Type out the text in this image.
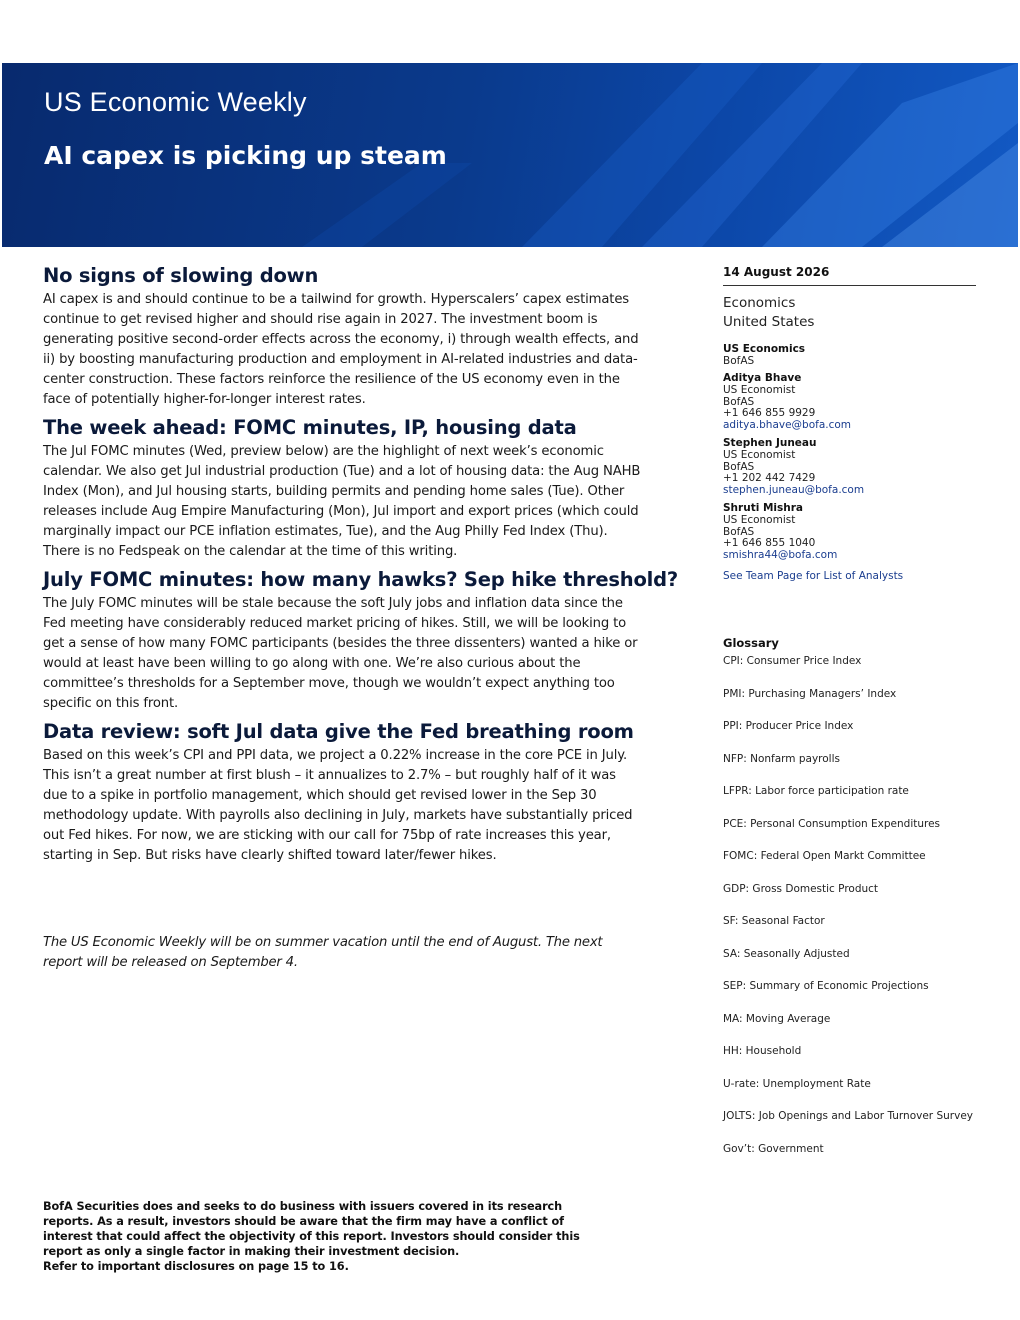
US Economic Weekly
AI capex is picking up steam
No signs of slowing down

AI capex is and should continue to be a tailwind for growth. Hyperscalers’ capex estimates continue to get revised higher and should rise again in 2027. The investment boom is generating positive second-order effects across the economy, i) through wealth effects, and ii) by boosting manufacturing production and employment in AI-related industries and data-center construction. These factors reinforce the resilience of the US economy even in the face of potentially higher-for-longer interest rates.

The week ahead: FOMC minutes, IP, housing data

The Jul FOMC minutes (Wed, preview below) are the highlight of next week’s economic calendar. We also get Jul industrial production (Tue) and a lot of housing data: the Aug NAHB Index (Mon), and Jul housing starts, building permits and pending home sales (Tue). Other releases include Aug Empire Manufacturing (Mon), Jul import and export prices (which could marginally impact our PCE inflation estimates, Tue), and the Aug Philly Fed Index (Thu). There is no Fedspeak on the calendar at the time of this writing.

July FOMC minutes: how many hawks? Sep hike threshold?

The July FOMC minutes will be stale because the soft July jobs and inflation data since the Fed meeting have considerably reduced market pricing of hikes. Still, we will be looking to get a sense of how many FOMC participants (besides the three dissenters) wanted a hike or would at least have been willing to go along with one. We’re also curious about the committee’s thresholds for a September move, though we wouldn’t expect anything too specific on this front.

Data review: soft Jul data give the Fed breathing room

Based on this week’s CPI and PPI data, we project a 0.22% increase in the core PCE in July. This isn’t a great number at first blush – it annualizes to 2.7% – but roughly half of it was due to a spike in portfolio management, which should get revised lower in the Sep 30 methodology update. With payrolls also declining in July, markets have substantially priced out Fed hikes. For now, we are sticking with our call for 75bp of rate increases this year, starting in Sep. But risks have clearly shifted toward later/fewer hikes.

The US Economic Weekly will be on summer vacation until the end of August. The next report will be released on September 4.
14 August 2026
Economics
United States
US Economics
BofAS
Aditya Bhave
US Economist
BofAS
+1 646 855 9929
aditya.bhave@bofa.com
Stephen Juneau
US Economist
BofAS
+1 202 442 7429
stephen.juneau@bofa.com
Shruti Mishra
US Economist
BofAS
+1 646 855 1040
smishra44@bofa.com
See Team Page for List of Analysts
Glossary
CPI: Consumer Price Index
PMI: Purchasing Managers’ Index
PPI: Producer Price Index
NFP: Nonfarm payrolls
LFPR: Labor force participation rate
PCE: Personal Consumption Expenditures
FOMC: Federal Open Markt Committee
GDP: Gross Domestic Product
SF: Seasonal Factor
SA: Seasonally Adjusted
SEP: Summary of Economic Projections
MA: Moving Average
HH: Household
U-rate: Unemployment Rate
JOLTS: Job Openings and Labor Turnover Survey
Gov’t: Government
BofA Securities does and seeks to do business with issuers covered in its research reports. As a result, investors should be aware that the firm may have a conflict of interest that could affect the objectivity of this report. Investors should consider this report as only a single factor in making their investment decision.
Refer to important disclosures on page 15 to 16.
